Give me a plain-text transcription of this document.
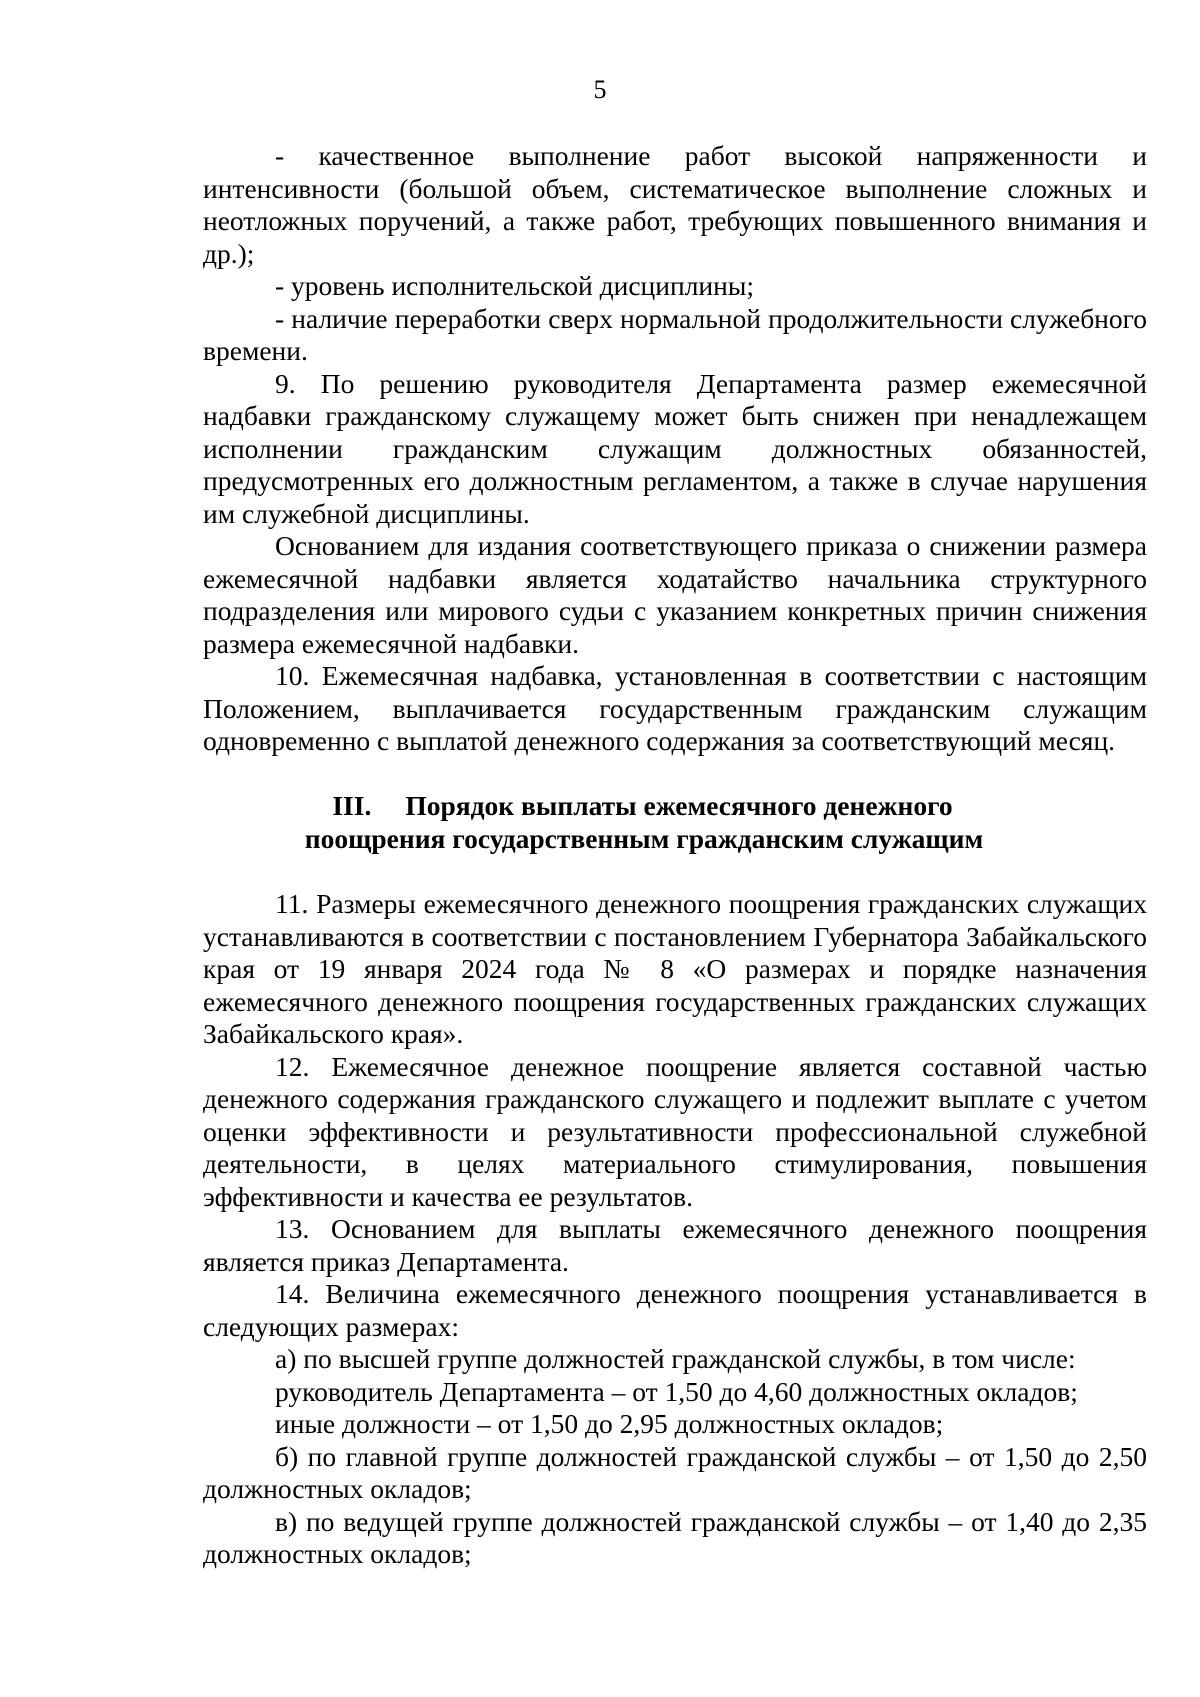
5

- качественное выполнение работ высокой напряженности и интенсивности (большой объем, систематическое выполнение сложных и неотложных поручений, а также работ, требующих повышенного внимания и др.);

- уровень исполнительской дисциплины;

- наличие переработки сверх нормальной продолжительности служебного времени.

9. По решению руководителя Департамента размер ежемесячной надбавки гражданскому служащему может быть снижен при ненадлежащем исполнении гражданским служащим должностных обязанностей, предусмотренных его должностным регламентом, а также в случае нарушения им служебной дисциплины.

Основанием для издания соответствующего приказа о снижении размера ежемесячной надбавки является ходатайство начальника структурного подразделения или мирового судьи с указанием конкретных причин снижения размера ежемесячной надбавки.

10. Ежемесячная надбавка, установленная в соответствии с настоящим Положением, выплачивается государственным гражданским служащим одновременно с выплатой денежного содержания за соответствующий месяц.

III. Порядок выплаты ежемесячного денежного
поощрения государственным гражданским служащим

11. Размеры ежемесячного денежного поощрения гражданских служащих устанавливаются в соответствии с постановлением Губернатора Забайкальского края от 19 января 2024 года № 8 «О размерах и порядке назначения ежемесячного денежного поощрения государственных гражданских служащих Забайкальского края».

12. Ежемесячное денежное поощрение является составной частью денежного содержания гражданского служащего и подлежит выплате с учетом оценки эффективности и результативности профессиональной служебной деятельности, в целях материального стимулирования, повышения эффективности и качества ее результатов.

13. Основанием для выплаты ежемесячного денежного поощрения является приказ Департамента.

14. Величина ежемесячного денежного поощрения устанавливается в следующих размерах:

а) по высшей группе должностей гражданской службы, в том числе:

руководитель Департамента – от 1,50 до 4,60 должностных окладов;

иные должности – от 1,50 до 2,95 должностных окладов;

б) по главной группе должностей гражданской службы – от 1,50 до 2,50 должностных окладов;

в) по ведущей группе должностей гражданской службы – от 1,40 до 2,35 должностных окладов;
